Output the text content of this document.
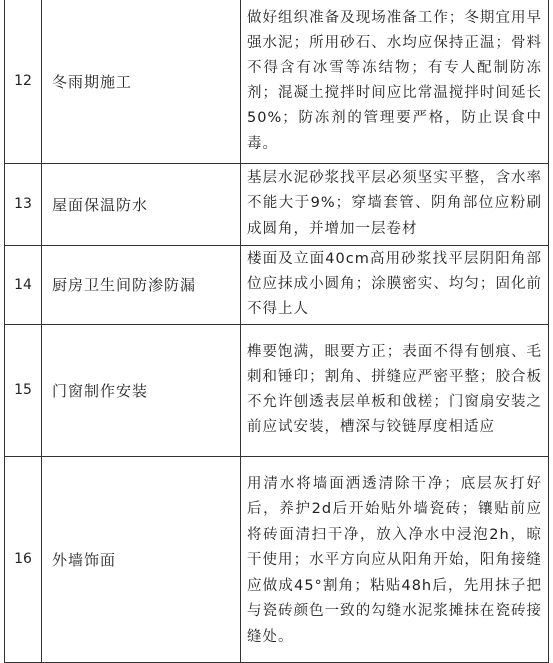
12	冬雨期施工	做好组织准备及现场准备工作；冬期宜用早强水泥；所用砂石、水均应保持正温；骨料不得含有冰雪等冻结物；有专人配制防冻剂；混凝土搅拌时间应比常温搅拌时间延长50%；防冻剂的管理要严格，防止误食中毒。
13	屋面保温防水	基层水泥砂浆找平层必须坚实平整，含水率不能大于9%；穿墙套管、阴角部位应粉刷成圆角，并增加一层卷材
14	厨房卫生间防渗防漏	楼面及立面40cm高用砂浆找平层阴阳角部位应抹成小圆角；涂膜密实、均匀；固化前不得上人
15	门窗制作安装	榫要饱满，眼要方正；表面不得有刨痕、毛刺和锤印；割角、拼缝应严密平整；胶合板不允许刨透表层单板和戗槎；门窗扇安装之前应试安装，槽深与铰链厚度相适应
16	外墙饰面	用清水将墙面洒透清除干净；底层灰打好后，养护2d后开始贴外墙瓷砖；镶贴前应将砖面清扫干净，放入净水中浸泡2h，晾干使用；水平方向应从阳角开始，阳角接缝应做成45°割角；粘贴48h后，先用抹子把与瓷砖颜色一致的勾缝水泥浆摊抹在瓷砖接缝处。
